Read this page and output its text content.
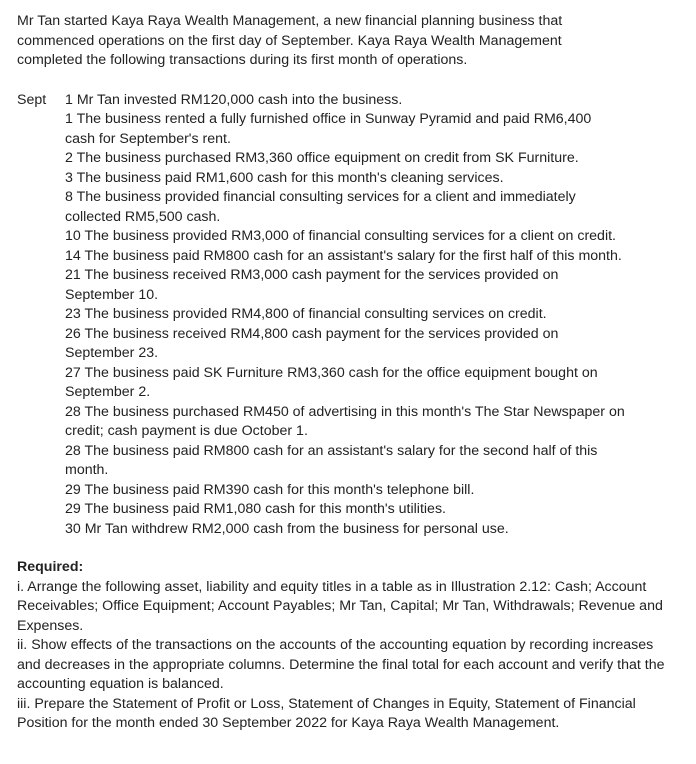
Mr Tan started Kaya Raya Wealth Management, a new financial planning business that commenced operations on the first day of September. Kaya Raya Wealth Management completed the following transactions during its first month of operations.

Sept	1 Mr Tan invested RM120,000 cash into the business.

1 The business rented a fully furnished office in Sunway Pyramid and paid RM6,400 cash for September's rent.

2 The business purchased RM3,360 office equipment on credit from SK Furniture.

3 The business paid RM1,600 cash for this month's cleaning services.

8 The business provided financial consulting services for a client and immediately collected RM5,500 cash.

10 The business provided RM3,000 of financial consulting services for a client on credit.

14 The business paid RM800 cash for an assistant's salary for the first half of this month.

21 The business received RM3,000 cash payment for the services provided on September 10.

23 The business provided RM4,800 of financial consulting services on credit.

26 The business received RM4,800 cash payment for the services provided on September 23.

27 The business paid SK Furniture RM3,360 cash for the office equipment bought on September 2.

28 The business purchased RM450 of advertising in this month's The Star Newspaper on credit; cash payment is due October 1.

28 The business paid RM800 cash for an assistant's salary for the second half of this month.

29 The business paid RM390 cash for this month's telephone bill.

29 The business paid RM1,080 cash for this month's utilities.

30 Mr Tan withdrew RM2,000 cash from the business for personal use.

Required:

i. Arrange the following asset, liability and equity titles in a table as in Illustration 2.12: Cash; Account Receivables; Office Equipment; Account Payables; Mr Tan, Capital; Mr Tan, Withdrawals; Revenue and Expenses.

ii. Show effects of the transactions on the accounts of the accounting equation by recording increases and decreases in the appropriate columns. Determine the final total for each account and verify that the accounting equation is balanced.

iii. Prepare the Statement of Profit or Loss, Statement of Changes in Equity, Statement of Financial Position for the month ended 30 September 2022 for Kaya Raya Wealth Management.
